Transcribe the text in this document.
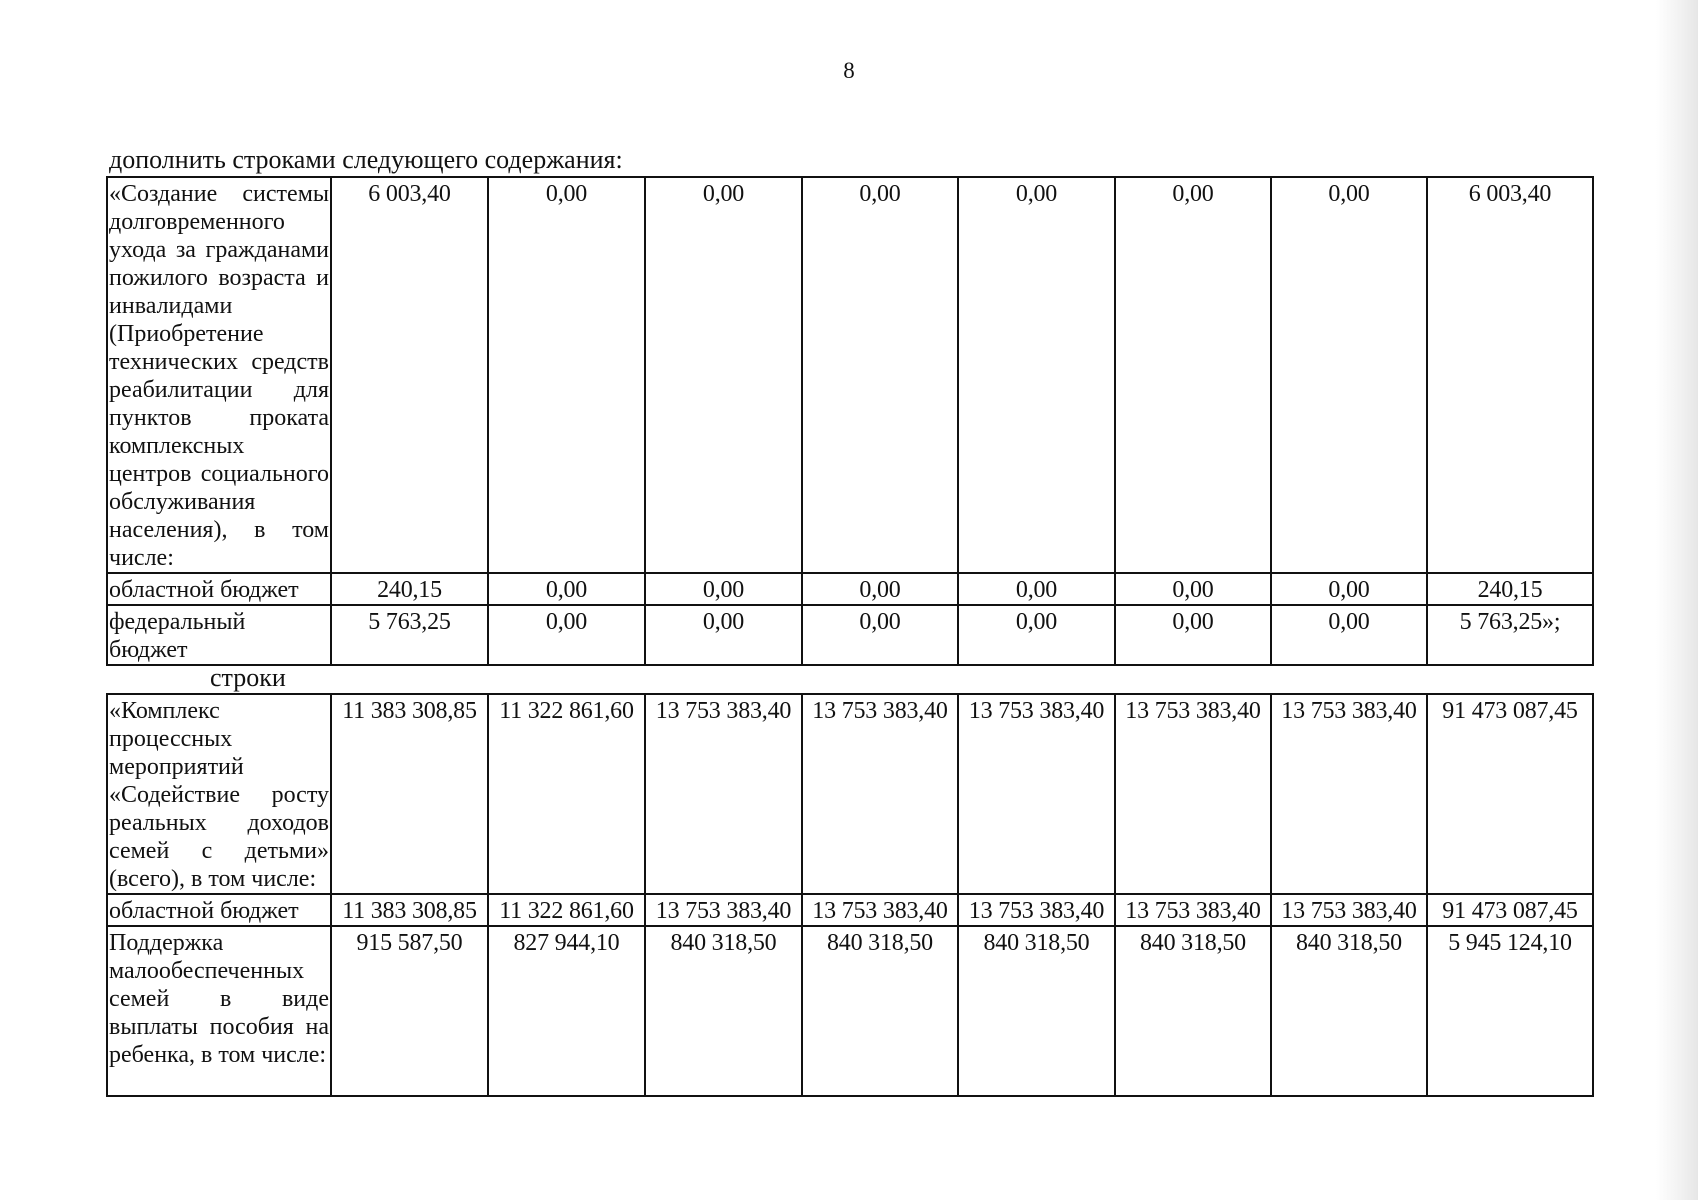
8
дополнить строками следующего содержания:
«Создание системы долговременного ухода за гражданами пожилого возраста и инвалидами (Приобретение технических средств реабилитации для пунктов проката комплексных центров социального обслуживания населения), в том числе:	6 003,40	0,00	0,00	0,00	0,00	0,00	0,00	6 003,40
областной бюджет	240,15	0,00	0,00	0,00	0,00	0,00	0,00	240,15
федеральный бюджет	5 763,25	0,00	0,00	0,00	0,00	0,00	0,00	5 763,25»;
строки
«Комплекс процессных мероприятий «Содействие росту реальных доходов семей с детьми» (всего), в том числе:	11 383 308,85	11 322 861,60	13 753 383,40	13 753 383,40	13 753 383,40	13 753 383,40	13 753 383,40	91 473 087,45
областной бюджет	11 383 308,85	11 322 861,60	13 753 383,40	13 753 383,40	13 753 383,40	13 753 383,40	13 753 383,40	91 473 087,45
Поддержка малообеспеченных семей в виде выплаты пособия на ребенка, в том числе:	915 587,50	827 944,10	840 318,50	840 318,50	840 318,50	840 318,50	840 318,50	5 945 124,10
